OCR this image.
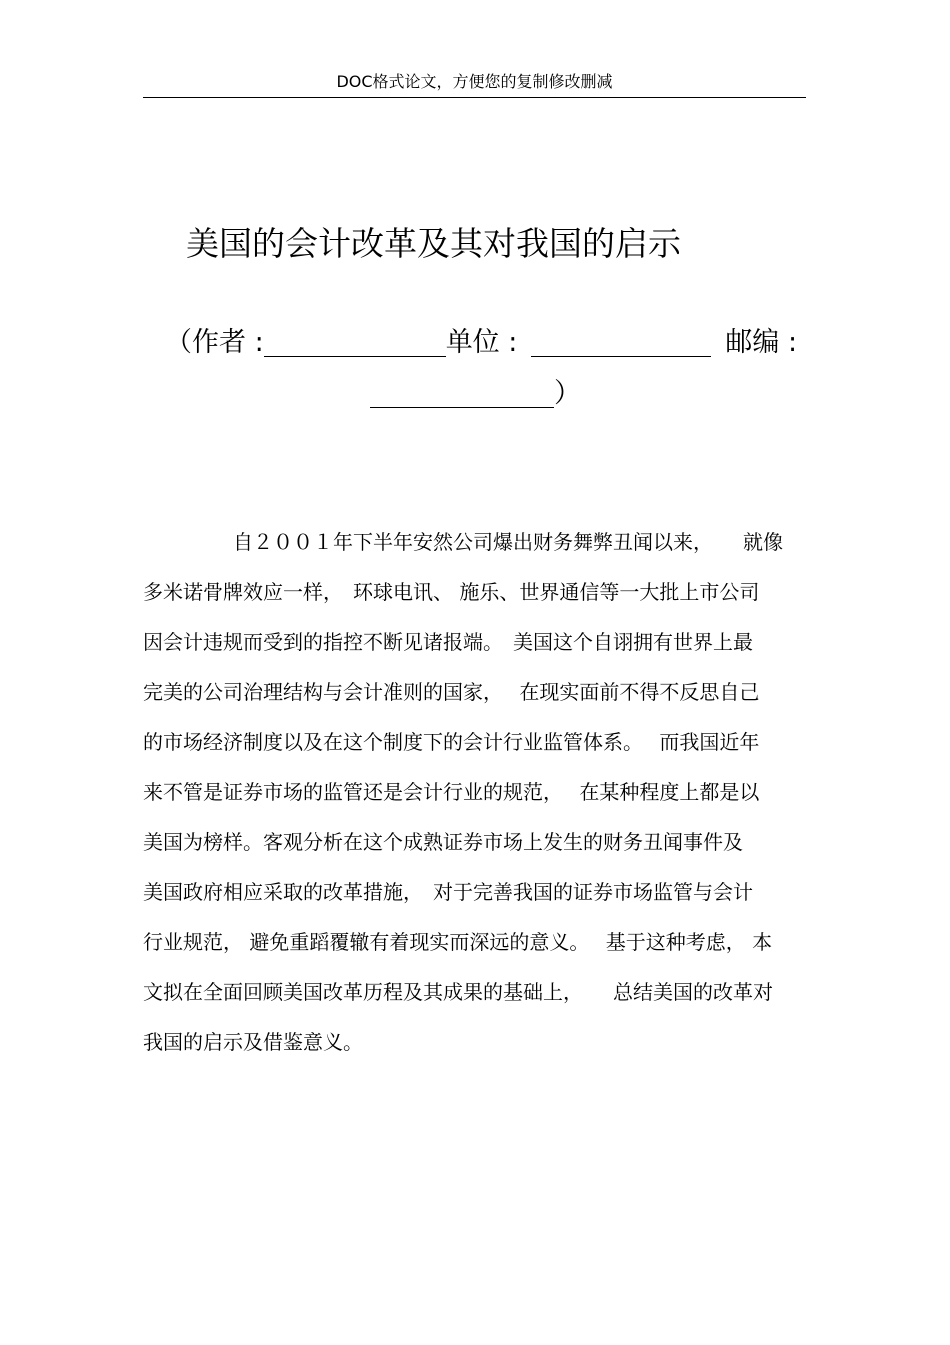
DOC格式论文，方便您的复制修改删减
美国的会计改革及其对我国的启示
（作者 :	单位 :	邮编 :
）
自２００１年下半年安然公司爆出财务舞弊丑闻以来，　　就像
多米诺骨牌效应一样，　环球电讯、 施乐、世界通信等一大批上市公司
因会计违规而受到的指控不断见诸报端。　美国这个自诩拥有世界上最
完美的公司治理结构与会计准则的国家，　 在现实面前不得不反思自己
的市场经济制度以及在这个制度下的会计行业监管体系。　 而我国近年
来不管是证券市场的监管还是会计行业的规范，　 在某种程度上都是以
美国为榜样。客观分析在这个成熟证券市场上发生的财务丑闻事件及
美国政府相应采取的改革措施，　对于完善我国的证券市场监管与会计
行业规范， 避免重蹈覆辙有着现实而深远的意义。　 基于这种考虑， 本
文拟在全面回顾美国改革历程及其成果的基础上，　　总结美国的改革对
我国的启示及借鉴意义。
